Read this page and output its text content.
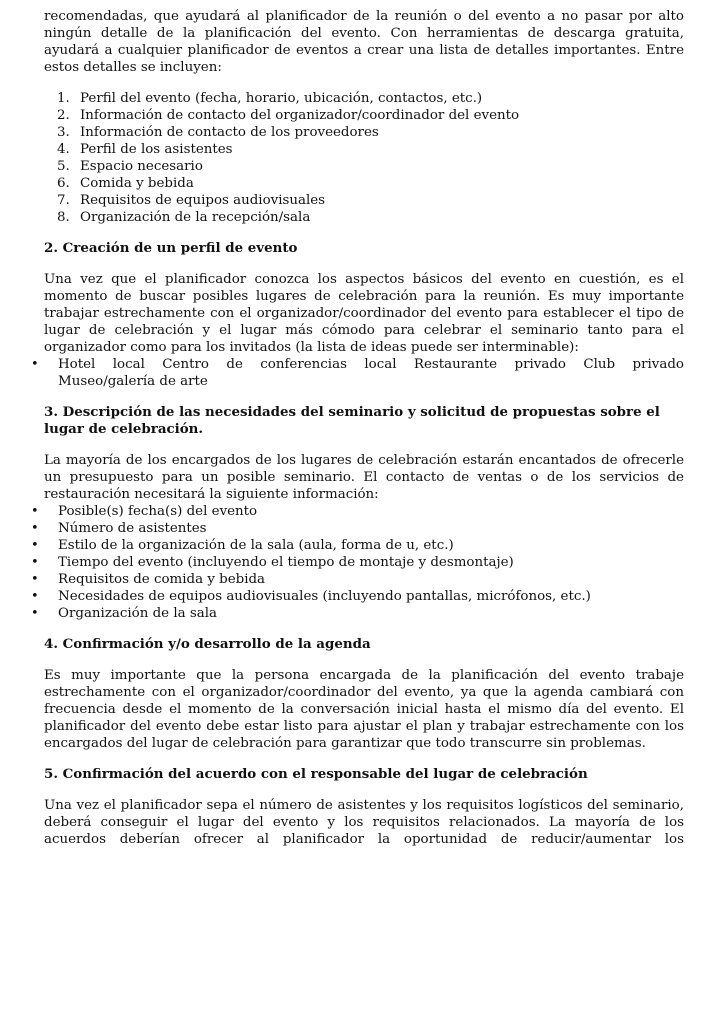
recomendadas, que ayudará al planificador de la reunión o del evento a no pasar por alto ningún detalle de la planificación del evento. Con herramientas de descarga gratuita, ayudará a cualquier planificador de eventos a crear una lista de detalles importantes. Entre estos detalles se incluyen:

1. Perfil del evento (fecha, horario, ubicación, contactos, etc.)
2. Información de contacto del organizador/coordinador del evento
3. Información de contacto de los proveedores
4. Perfil de los asistentes
5. Espacio necesario
6. Comida y bebida
7. Requisitos de equipos audiovisuales
8. Organización de la recepción/sala
2. Creación de un perfil de evento

Una vez que el planificador conozca los aspectos básicos del evento en cuestión, es el momento de buscar posibles lugares de celebración para la reunión. Es muy importante trabajar estrechamente con el organizador/coordinador del evento para establecer el tipo de lugar de celebración y el lugar más cómodo para celebrar el seminario tanto para el organizador como para los invitados (la lista de ideas puede ser interminable):

• Hotel local Centro de conferencias local Restaurante privado Club privado
Museo/galería de arte
3. Descripción de las necesidades del seminario y solicitud de propuestas sobre el lugar de celebración.

La mayoría de los encargados de los lugares de celebración estarán encantados de ofrecerle un presupuesto para un posible seminario. El contacto de ventas o de los servicios de restauración necesitará la siguiente información:

• Posible(s) fecha(s) del evento
• Número de asistentes
• Estilo de la organización de la sala (aula, forma de u, etc.)
• Tiempo del evento (incluyendo el tiempo de montaje y desmontaje)
• Requisitos de comida y bebida
• Necesidades de equipos audiovisuales (incluyendo pantallas, micrófonos, etc.)
• Organización de la sala
4. Confirmación y/o desarrollo de la agenda

Es muy importante que la persona encargada de la planificación del evento trabaje estrechamente con el organizador/coordinador del evento, ya que la agenda cambiará con frecuencia desde el momento de la conversación inicial hasta el mismo día del evento. El planificador del evento debe estar listo para ajustar el plan y trabajar estrechamente con los encargados del lugar de celebración para garantizar que todo transcurre sin problemas.

5. Confirmación del acuerdo con el responsable del lugar de celebración

Una vez el planificador sepa el número de asistentes y los requisitos logísticos del seminario, deberá conseguir el lugar del evento y los requisitos relacionados. La mayoría de los acuerdos deberían ofrecer al planificador la oportunidad de reducir/aumentar los
